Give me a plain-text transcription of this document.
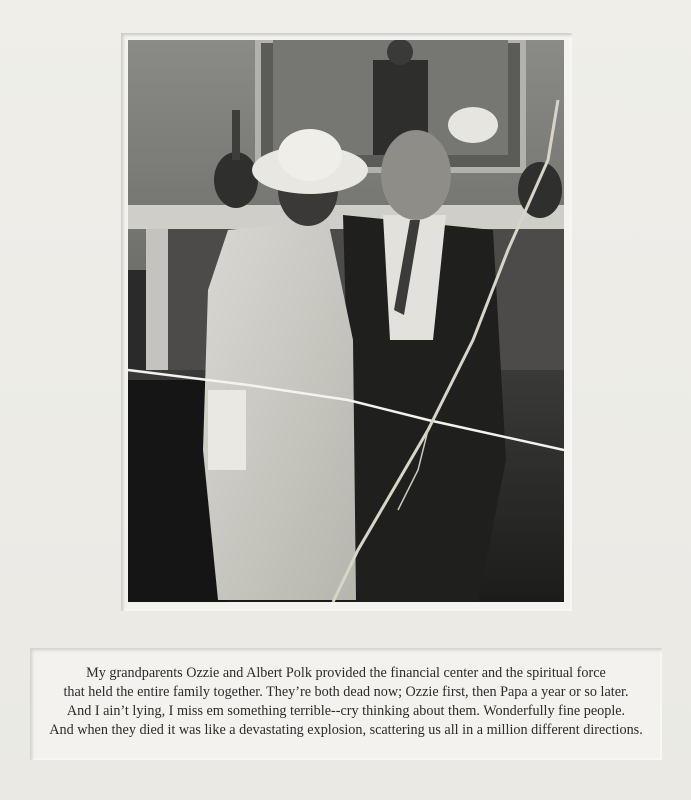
My grandparents Ozzie and Albert Polk provided the financial center and the spiritual force
that held the entire family together. They’re both dead now; Ozzie first, then Papa a year or so later.
And I ain’t lying, I miss em something terrible--cry thinking about them. Wonderfully fine people.
And when they died it was like a devastating explosion, scattering us all in a million different directions.
